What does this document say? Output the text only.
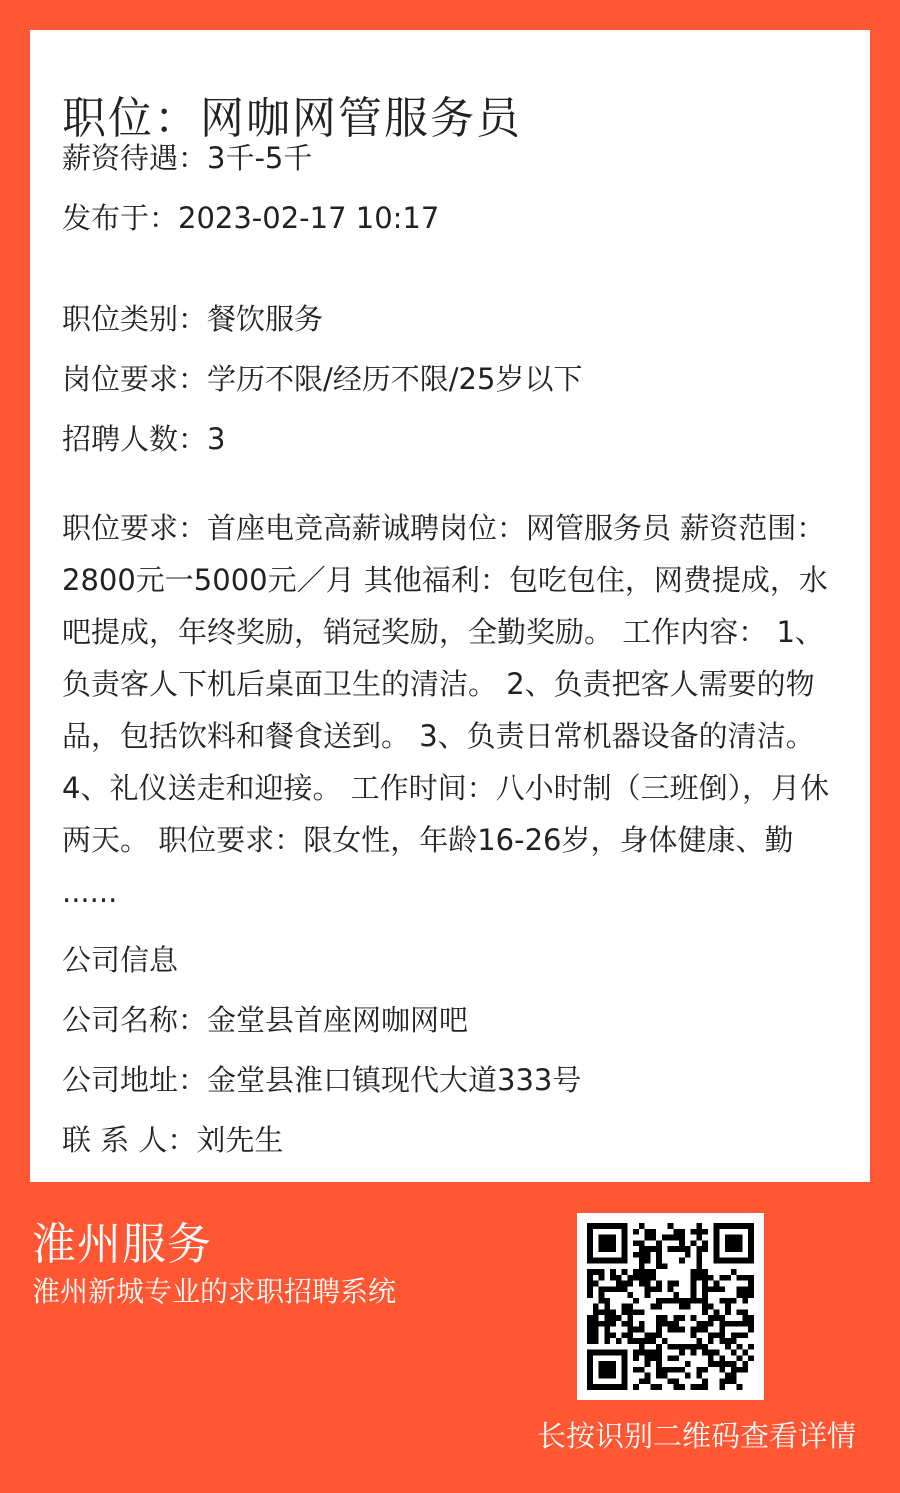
职位：网咖网管服务员
薪资待遇：3千-5千
发布于：2023-02-17 10:17
职位类别：餐饮服务
岗位要求：学历不限/经历不限/25岁以下
招聘人数：3
职位要求：首座电竞高薪诚聘岗位：网管服务员 薪资范围：2800元一5000元／月 其他福利：包吃包住，网费提成，水吧提成，年终奖励，销冠奖励，全勤奖励。 工作内容： 1、负责客人下机后桌面卫生的清洁。 2、负责把客人需要的物品，包括饮料和餐食送到。 3、负责日常机器设备的清洁。 4、礼仪送走和迎接。 工作时间：八小时制（三班倒），月休两天。 职位要求：限女性，年龄16-26岁，身体健康、勤 ......
公司信息
公司名称：金堂县首座网咖网吧
公司地址：金堂县淮口镇现代大道333号
联 系 人：刘先生
淮州服务
淮州新城专业的求职招聘系统
长按识别二维码查看详情
